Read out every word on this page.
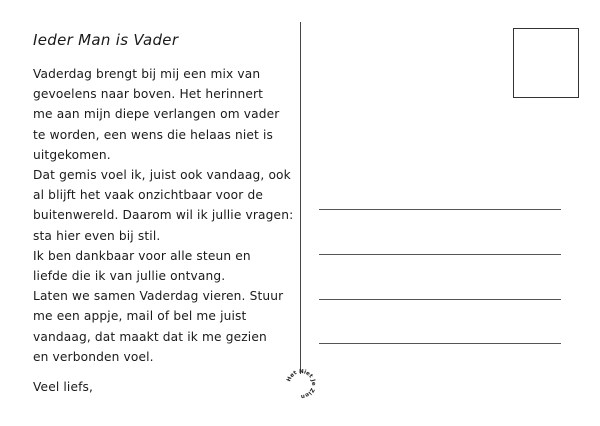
Ieder Man is Vader
Vaderdag brengt bij mij een mix van
gevoelens naar boven. Het herinnert
me aan mijn diepe verlangen om vader
te worden, een wens die helaas niet is
uitgekomen.
Dat gemis voel ik, juist ook vandaag, ook
al blijft het vaak onzichtbaar voor de
buitenwereld. Daarom wil ik jullie vragen:
sta hier even bij stil.
Ik ben dankbaar voor alle steun en
liefde die ik van jullie ontvang.
Laten we samen Vaderdag vieren. Stuur
me een appje, mail of bel me juist
vandaag, dat maakt dat ik me gezien
en verbonden voel.
Veel liefs,
Het Niet Je Zien
